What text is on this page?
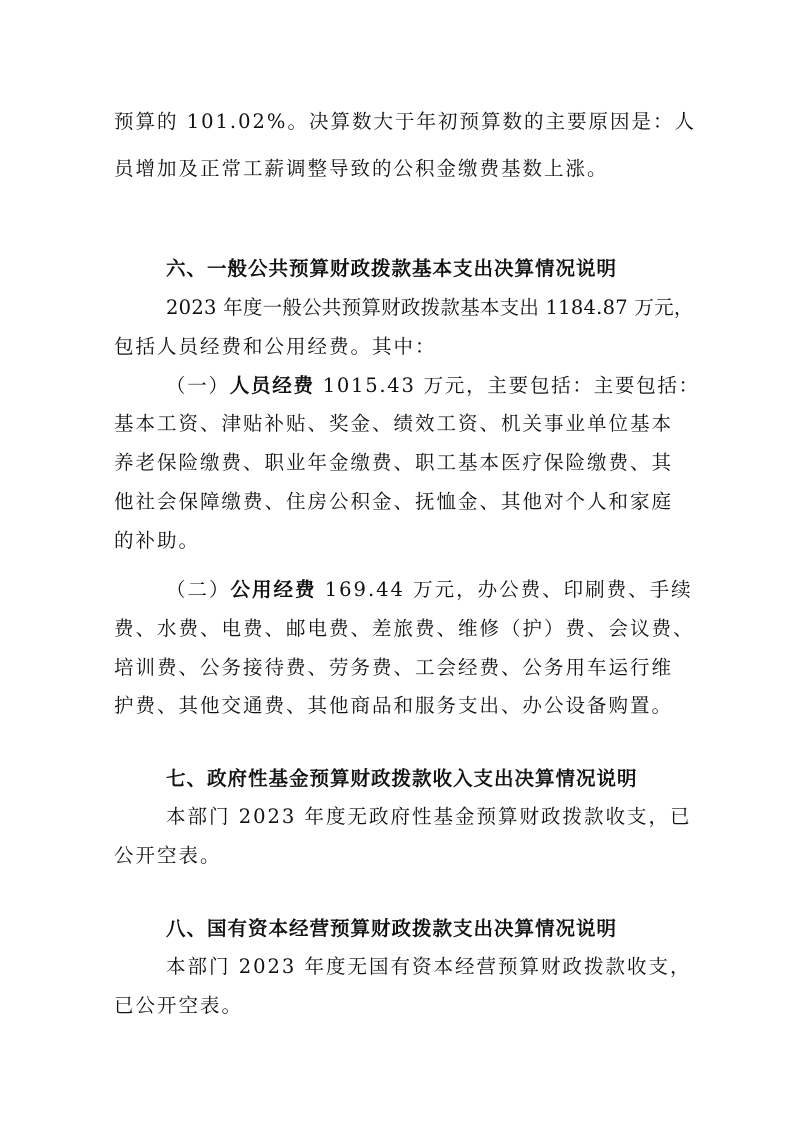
预算的 101.02%。决算数大于年初预算数的主要原因是：人
员增加及正常工薪调整导致的公积金缴费基数上涨。
六、一般公共预算财政拨款基本支出决算情况说明
2023 年度一般公共预算财政拨款基本支出 1184.87 万元，
包括人员经费和公用经费。其中：
（一）人员经费 1015.43 万元，主要包括：主要包括：
基本工资、津贴补贴、奖金、绩效工资、机关事业单位基本
养老保险缴费、职业年金缴费、职工基本医疗保险缴费、其
他社会保障缴费、住房公积金、抚恤金、其他对个人和家庭
的补助。
（二）公用经费 169.44 万元，办公费、印刷费、手续
费、水费、电费、邮电费、差旅费、维修（护）费、会议费、
培训费、公务接待费、劳务费、工会经费、公务用车运行维
护费、其他交通费、其他商品和服务支出、办公设备购置。
七、政府性基金预算财政拨款收入支出决算情况说明
本部门 2023 年度无政府性基金预算财政拨款收支，已
公开空表。
八、国有资本经营预算财政拨款支出决算情况说明
本部门 2023 年度无国有资本经营预算财政拨款收支，
已公开空表。
